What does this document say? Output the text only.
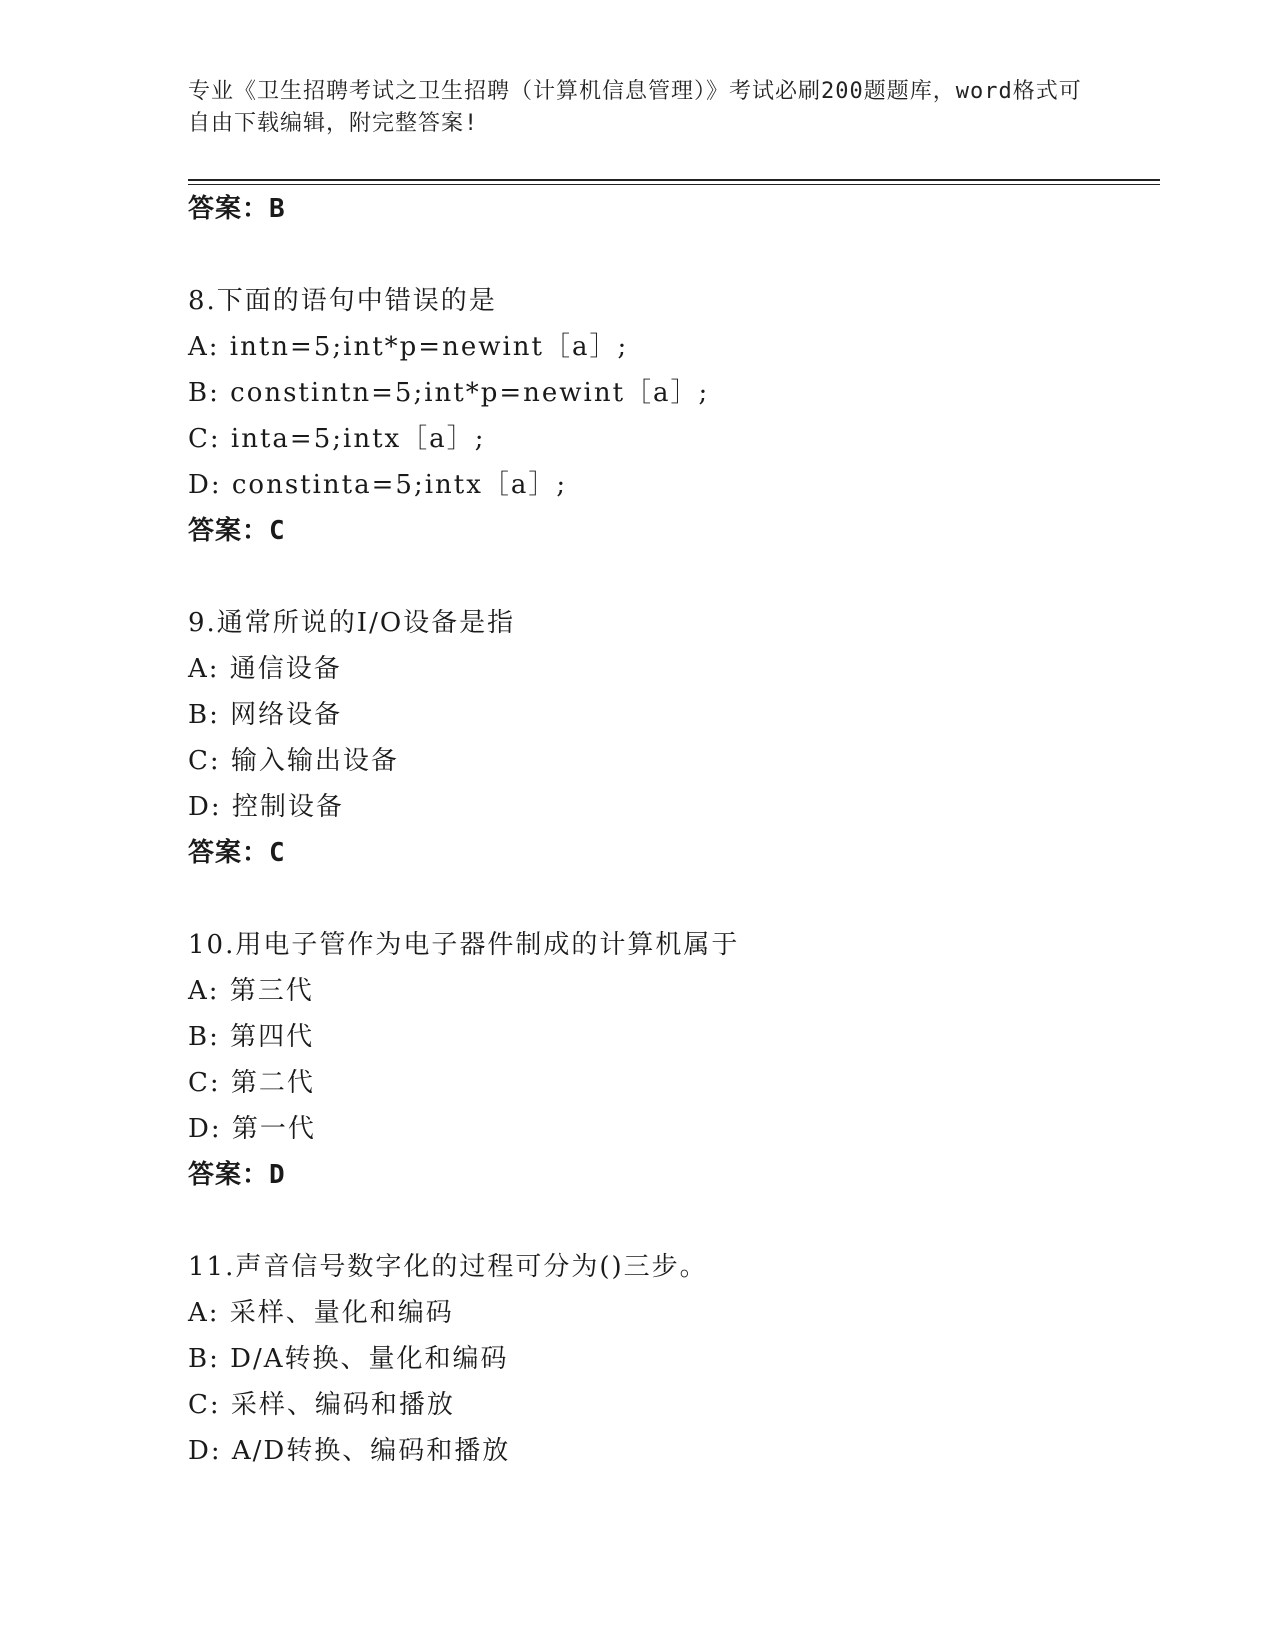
专业《卫生招聘考试之卫生招聘（计算机信息管理）》考试必刷200题题库，word格式可自由下载编辑，附完整答案!
答案：B
8.下面的语句中错误的是
A: intn=5;int*p=newint［a］;
B: constintn=5;int*p=newint［a］;
C: inta=5;intx［a］;
D: constinta=5;intx［a］;
答案：C
9.通常所说的I/O设备是指
A: 通信设备
B: 网络设备
C: 输入输出设备
D: 控制设备
答案：C
10.用电子管作为电子器件制成的计算机属于
A: 第三代
B: 第四代
C: 第二代
D: 第一代
答案：D
11.声音信号数字化的过程可分为()三步。
A: 采样、量化和编码
B: D/A转换、量化和编码
C: 采样、编码和播放
D: A/D转换、编码和播放
